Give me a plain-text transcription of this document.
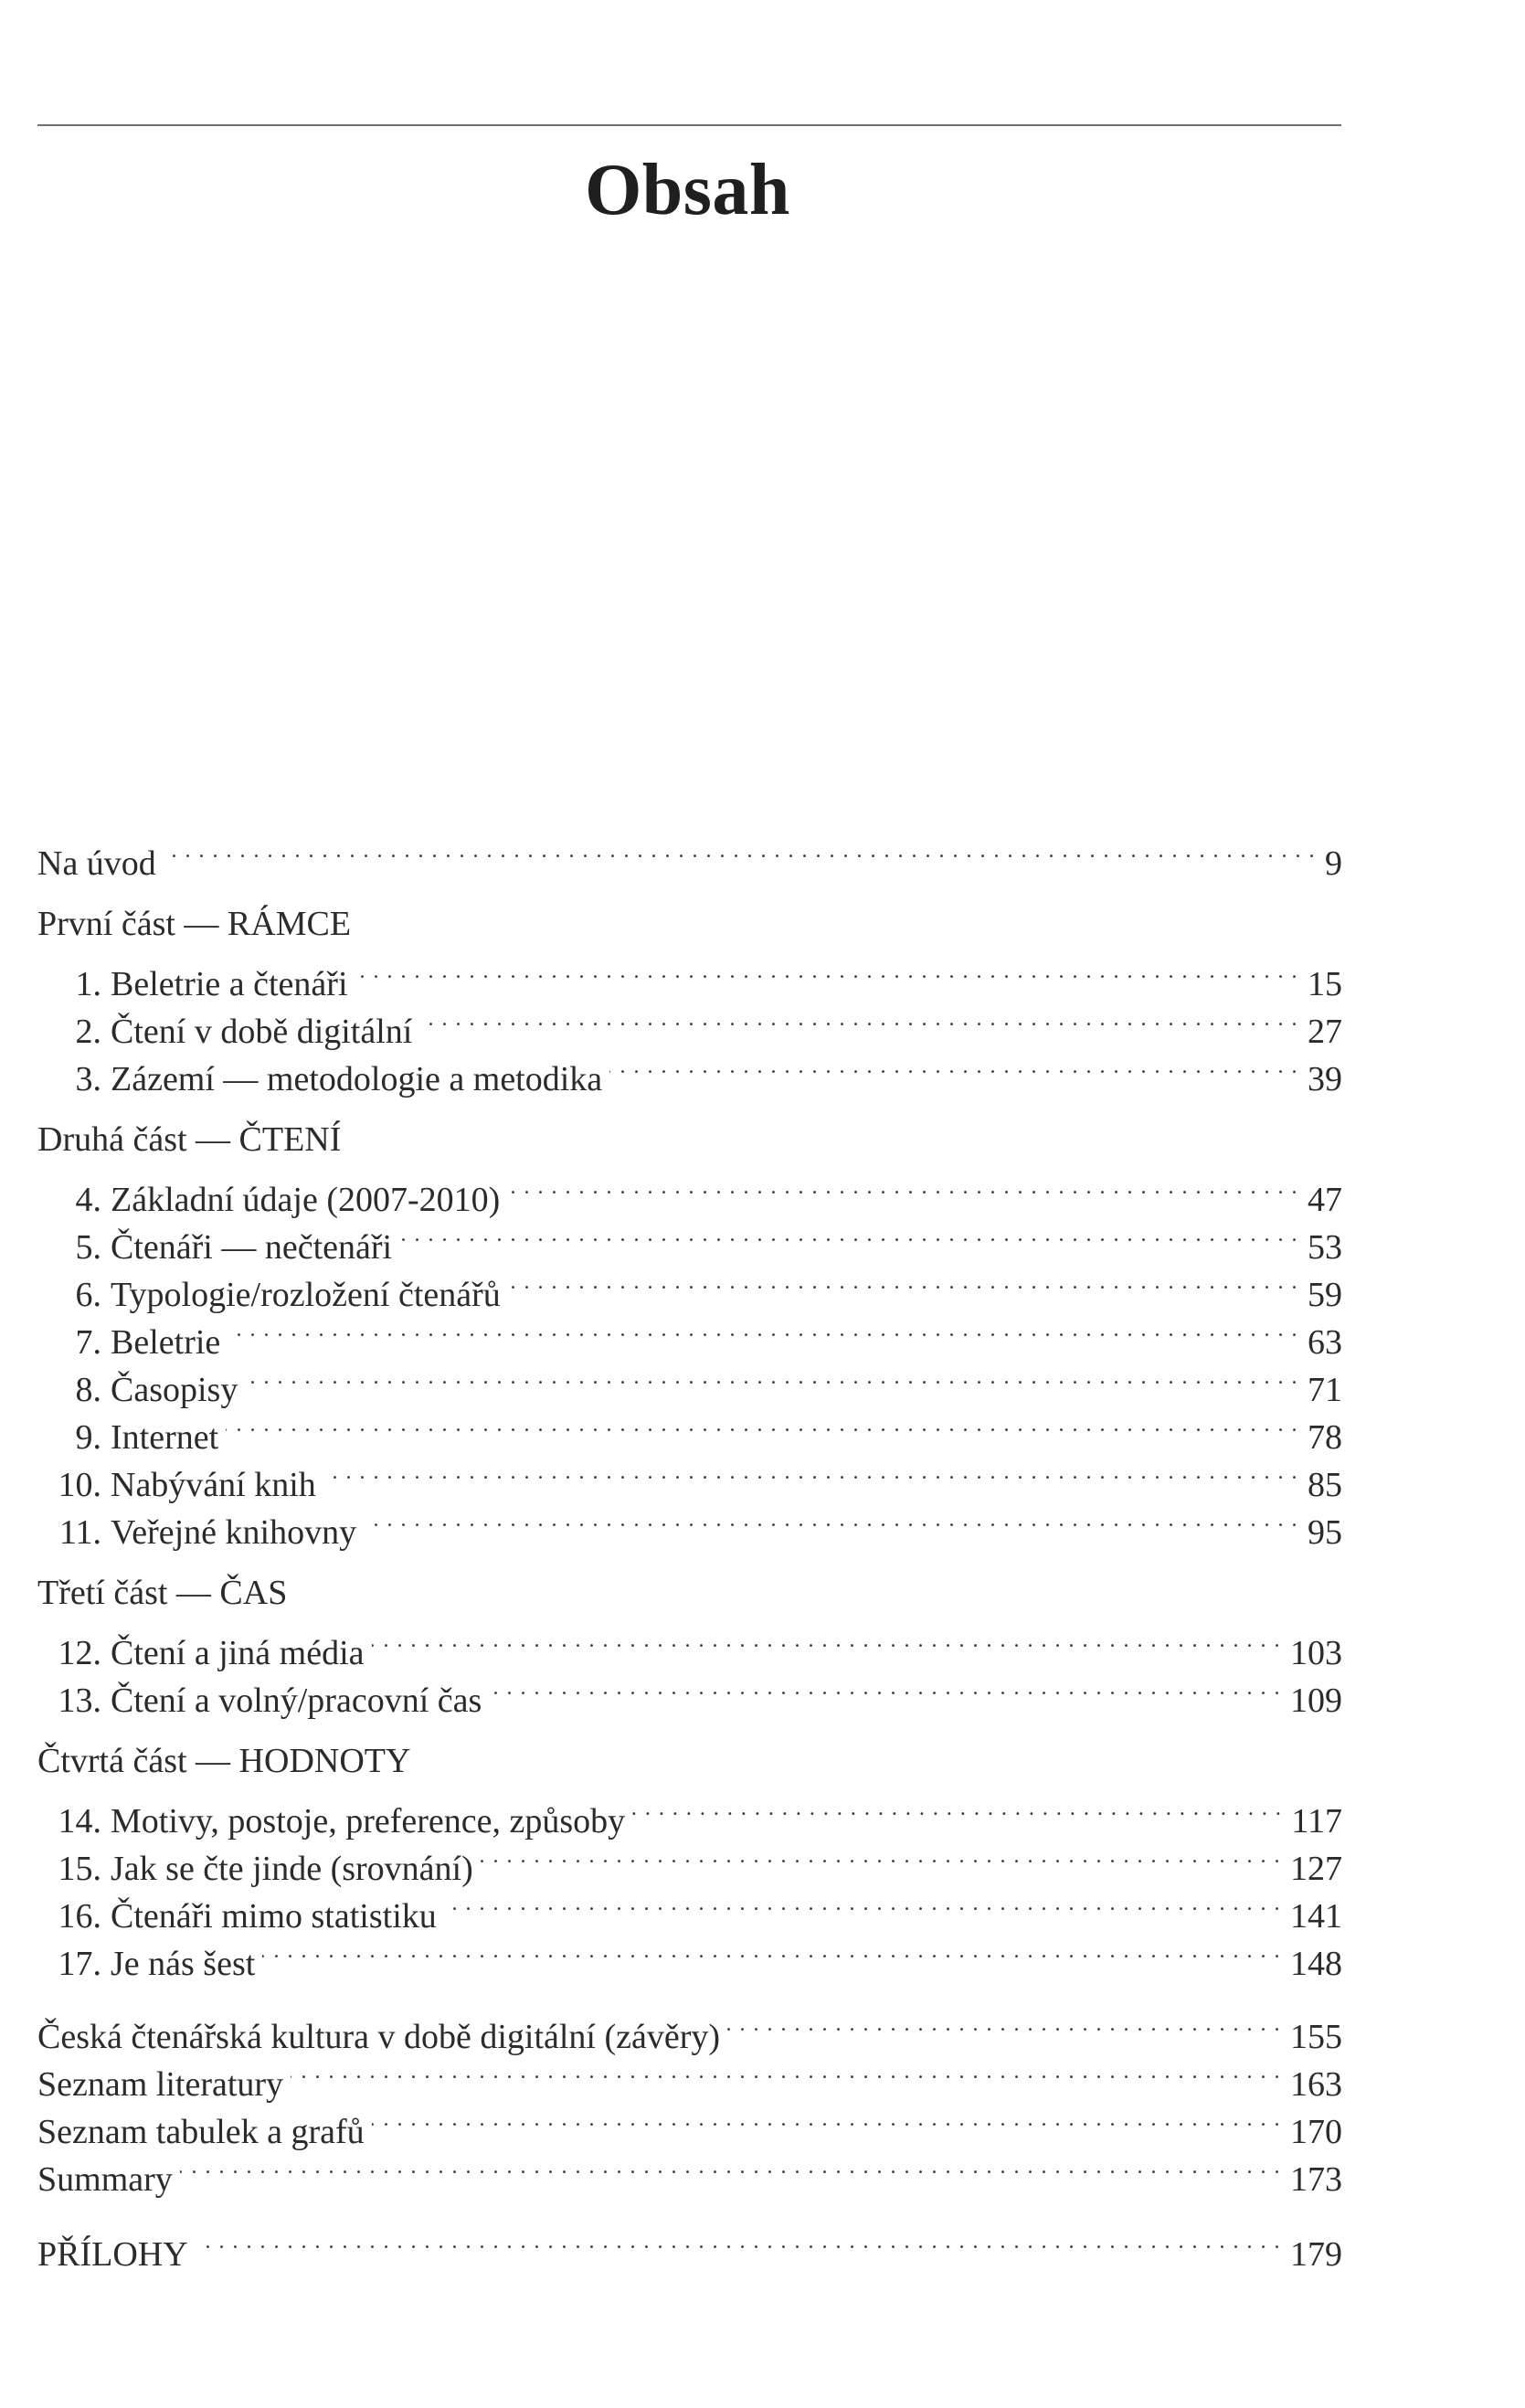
Obsah
Na úvod . . .	9
První část — RÁMCE
1. Beletrie a čtenáři . . .	15
2. Čtení v době digitální . . .	27
3. Zázemí — metodologie a metodika . . .	39
Druhá část — ČTENÍ
4. Základní údaje (2007-2010) . . .	47
5. Čtenáři — nečtenáři . . .	53
6. Typologie/rozložení čtenářů . . .	59
7. Beletrie . . .	63
8. Časopisy . . .	71
9. Internet . . .	78
10. Nabývání knih . . .	85
11. Veřejné knihovny . . .	95
Třetí část — ČAS
12. Čtení a jiná média . . .	103
13. Čtení a volný/pracovní čas . . .	109
Čtvrtá část — HODNOTY
14. Motivy, postoje, preference, způsoby . . .	117
15. Jak se čte jinde (srovnání) . . .	127
16. Čtenáři mimo statistiku . . .	141
17. Je nás šest . . .	148
Česká čtenářská kultura v době digitální (závěry) . . .	155
Seznam literatury . . .	163
Seznam tabulek a grafů . . .	170
Summary . . .	173
PŘÍLOHY . . .	179
